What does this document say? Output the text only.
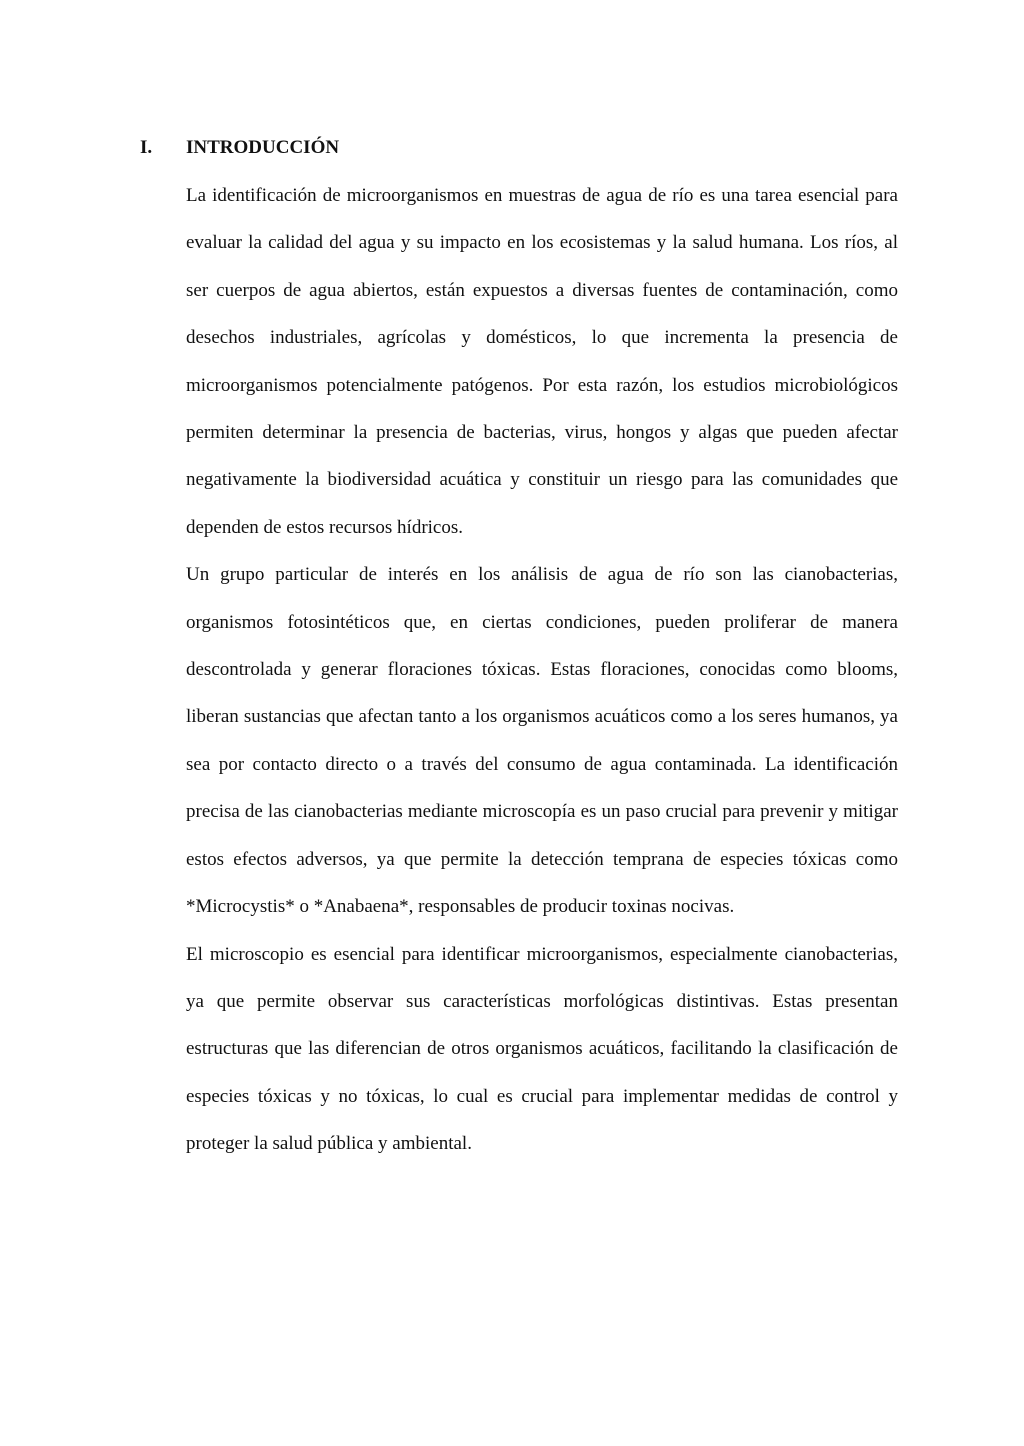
I. INTRODUCCIÓN

La identificación de microorganismos en muestras de agua de río es una tarea esencial para evaluar la calidad del agua y su impacto en los ecosistemas y la salud humana. Los ríos, al ser cuerpos de agua abiertos, están expuestos a diversas fuentes de contaminación, como desechos industriales, agrícolas y domésticos, lo que incrementa la presencia de microorganismos potencialmente patógenos. Por esta razón, los estudios microbiológicos permiten determinar la presencia de bacterias, virus, hongos y algas que pueden afectar negativamente la biodiversidad acuática y constituir un riesgo para las comunidades que dependen de estos recursos hídricos.

Un grupo particular de interés en los análisis de agua de río son las cianobacterias, organismos fotosintéticos que, en ciertas condiciones, pueden proliferar de manera descontrolada y generar floraciones tóxicas. Estas floraciones, conocidas como blooms, liberan sustancias que afectan tanto a los organismos acuáticos como a los seres humanos, ya sea por contacto directo o a través del consumo de agua contaminada. La identificación precisa de las cianobacterias mediante microscopía es un paso crucial para prevenir y mitigar estos efectos adversos, ya que permite la detección temprana de especies tóxicas como *Microcystis* o *Anabaena*, responsables de producir toxinas nocivas.

El microscopio es esencial para identificar microorganismos, especialmente cianobacterias, ya que permite observar sus características morfológicas distintivas. Estas presentan estructuras que las diferencian de otros organismos acuáticos, facilitando la clasificación de especies tóxicas y no tóxicas, lo cual es crucial para implementar medidas de control y proteger la salud pública y ambiental.
